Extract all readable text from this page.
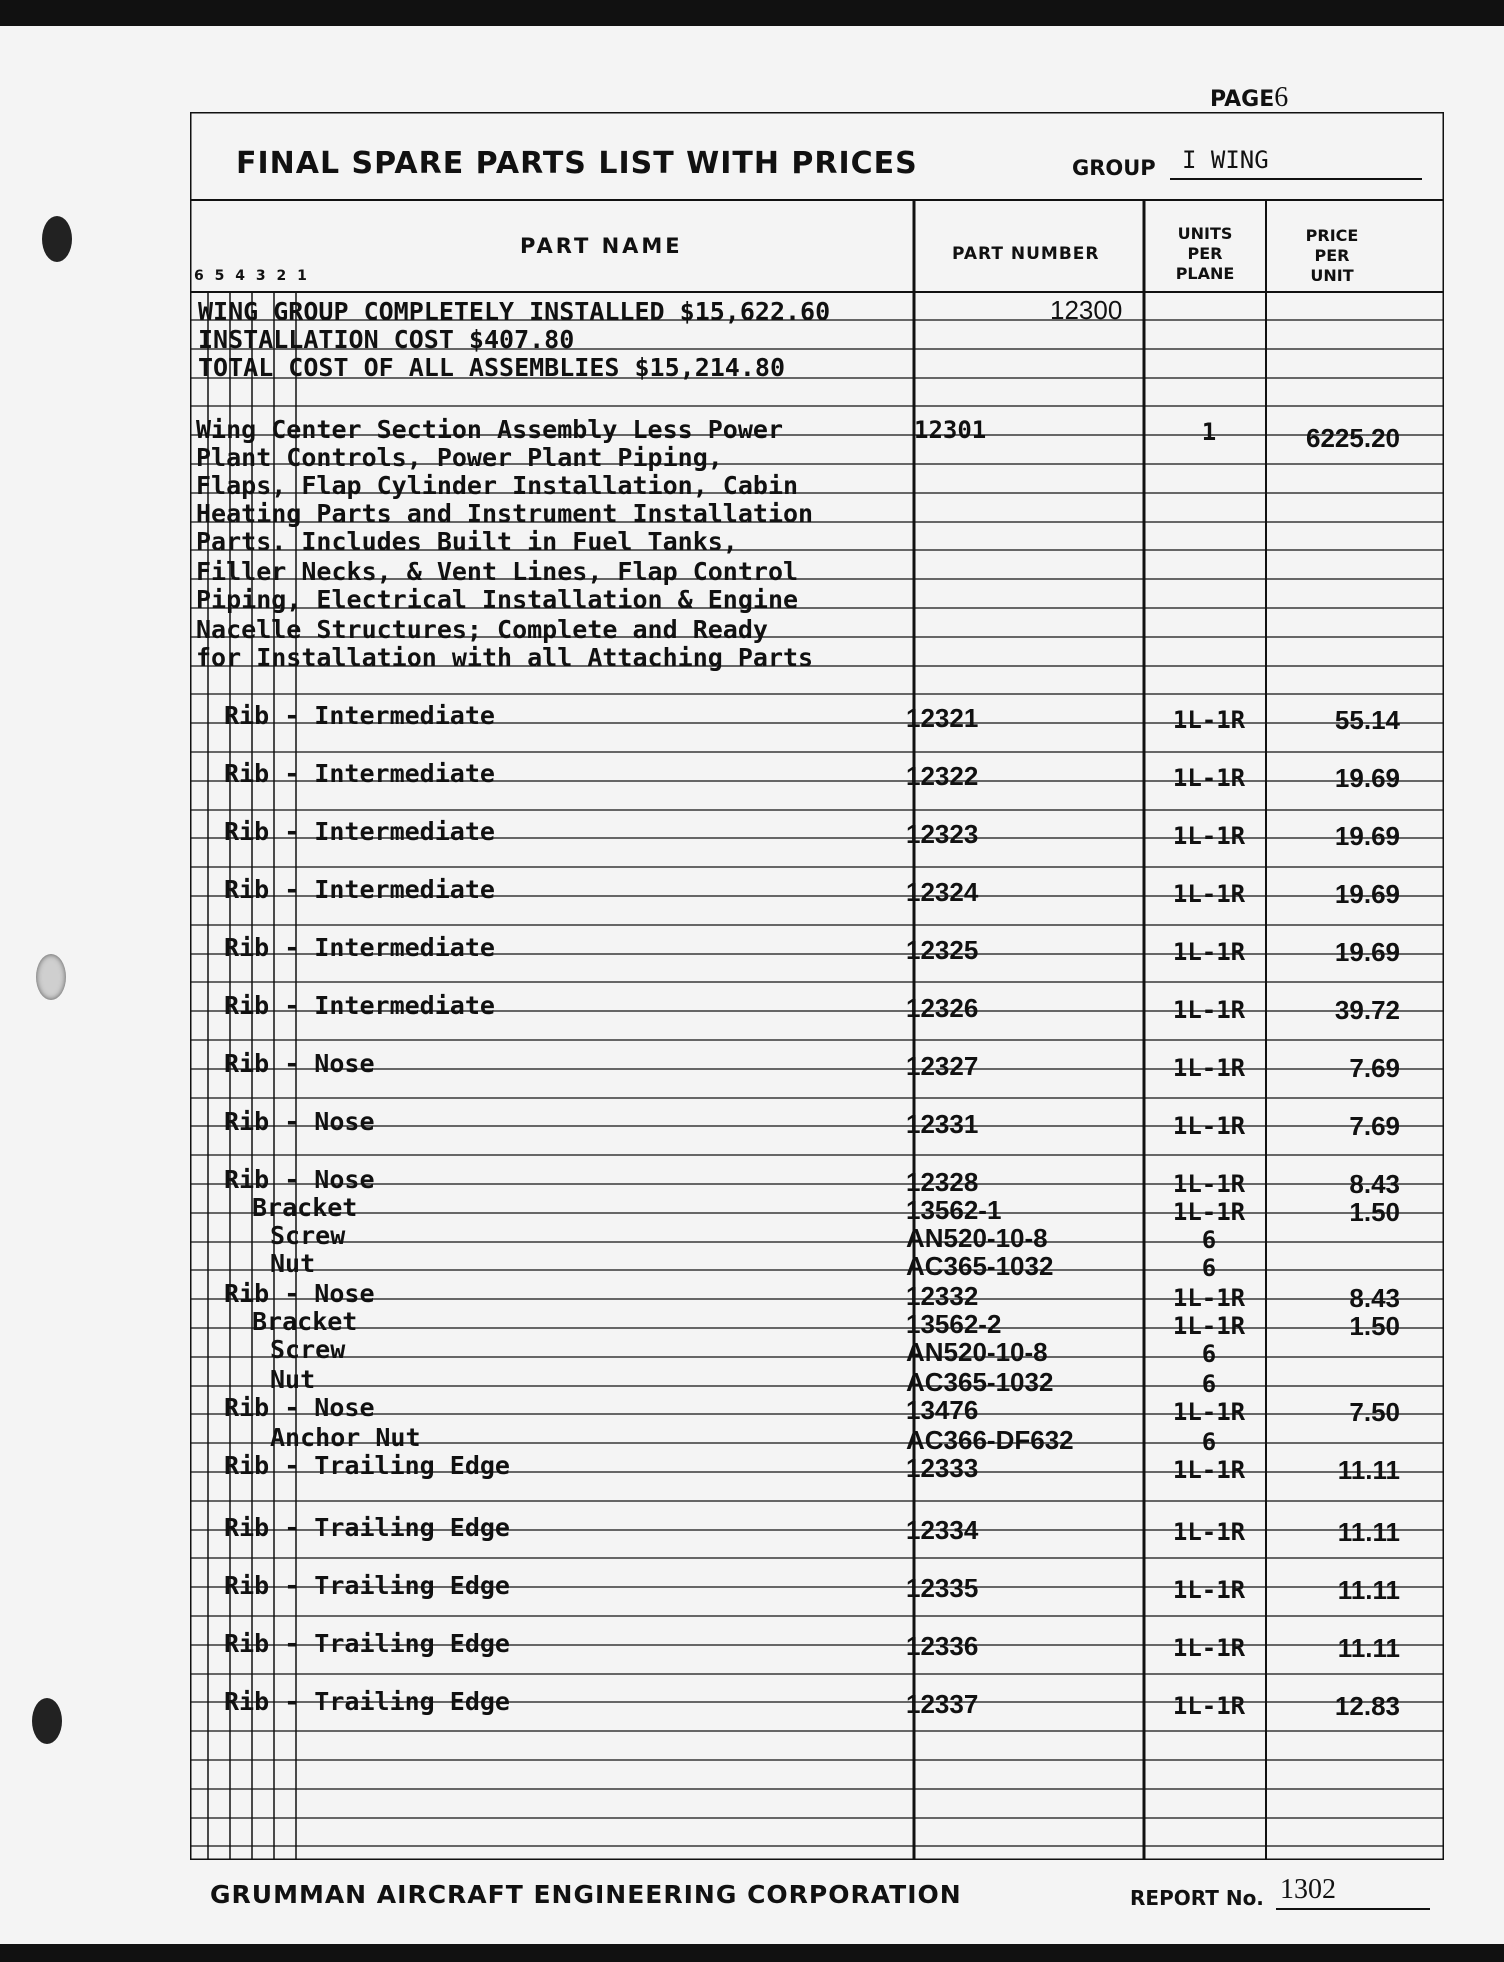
PAGE6
FINAL SPARE PARTS LIST WITH PRICES	GROUP	I WING
PART NAME	PART NUMBER
UNITS
PER
PLANE
PRICE
PER
UNIT
6 5 4 3 2 1
WING GROUP COMPLETELY INSTALLED $15,622.60	12300
INSTALLATION COST $407.80
TOTAL COST OF ALL ASSEMBLIES $15,214.80
Wing Center Section Assembly Less Power
Plant Controls, Power Plant Piping,
Flaps, Flap Cylinder Installation, Cabin
Heating Parts and Instrument Installation
Parts. Includes Built in Fuel Tanks,
Filler Necks, & Vent Lines, Flap Control
Piping, Electrical Installation & Engine
Nacelle Structures; Complete and Ready
for Installation with all Attaching Parts
12301	1	6225.20
Rib - Intermediate	12321	1L-1R	55.14
Rib - Intermediate	12322	1L-1R	19.69
Rib - Intermediate	12323	1L-1R	19.69
Rib - Intermediate	12324	1L-1R	19.69
Rib - Intermediate	12325	1L-1R	19.69
Rib - Intermediate	12326	1L-1R	39.72
Rib - Nose	12327	1L-1R	7.69
Rib - Nose	12331	1L-1R	7.69
Rib - Nose	12328	1L-1R	8.43
Bracket	13562-1	1L-1R	1.50
Screw	AN520-10-8	6
Nut	AC365-1032	6
Rib - Nose	12332	1L-1R	8.43
Bracket	13562-2	1L-1R	1.50
Screw	AN520-10-8	6
Nut	AC365-1032	6
Rib - Nose	13476	1L-1R	7.50
Anchor Nut	AC366-DF632	6
Rib - Trailing Edge	12333	1L-1R	11.11
Rib - Trailing Edge	12334	1L-1R	11.11
Rib - Trailing Edge	12335	1L-1R	11.11
Rib - Trailing Edge	12336	1L-1R	11.11
Rib - Trailing Edge	12337	1L-1R	12.83
GRUMMAN AIRCRAFT ENGINEERING CORPORATION	REPORT No. 1302
